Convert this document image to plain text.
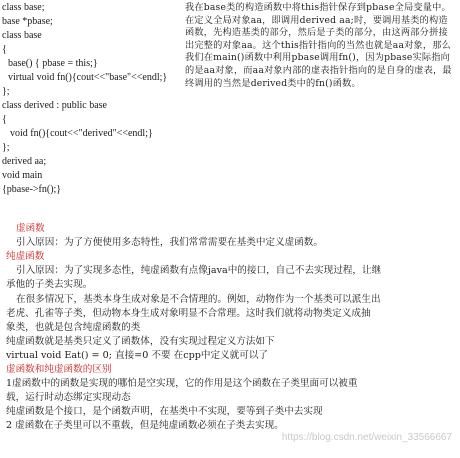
class base;
base *pbase;
class base
{
base() { pbase = this;}
virtual void fn(){cout<<"base"<<endl;}
};
class derived : public base
{
void fn(){cout<<"derived"<<endl;}
};
derived aa;
void main
{pbase->fn();}
我在base类的构造函数中将this指针保存到pbase全局变量中。在定义全局对象aa，即调用derived aa;时，要调用基类的构造函数，先构造基类的部分，然后是子类的部分，由这两部分拼接出完整的对象aa。这个this指针指向的当然也就是aa对象，那么我们在main()函数中利用pbase调用fn()，因为pbase实际指向的是aa对象，而aa对象内部的虚表指针指向的是自身的虚表，最终调用的当然是derived类中的fn()函数。
虚函数
引入原因：为了方便使用多态特性，我们常常需要在基类中定义虚函数。
纯虚函数
引入原因：为了实现多态性，纯虚函数有点像java中的接口，自己不去实现过程，让继
承他的子类去实现。
在很多情况下，基类本身生成对象是不合情理的。例如，动物作为一个基类可以派生出
老虎、孔雀等子类，但动物本身生成对象明显不合常理。这时我们就将动物类定义成抽
象类，也就是包含纯虚函数的类
纯虚函数就是基类只定义了函数体，没有实现过程定义方法如下
virtual void Eat() = 0; 直接=0 不要 在cpp中定义就可以了
虚函数和纯虚函数的区别
1虚函数中的函数是实现的哪怕是空实现，它的作用是这个函数在子类里面可以被重
载，运行时动态绑定实现动态
纯虚函数是个接口，是个函数声明，在基类中不实现，要等到子类中去实现
2 虚函数在子类里可以不重载，但是纯虚函数必须在子类去实现。
https://blog.csdn.net/weixin_33566667
